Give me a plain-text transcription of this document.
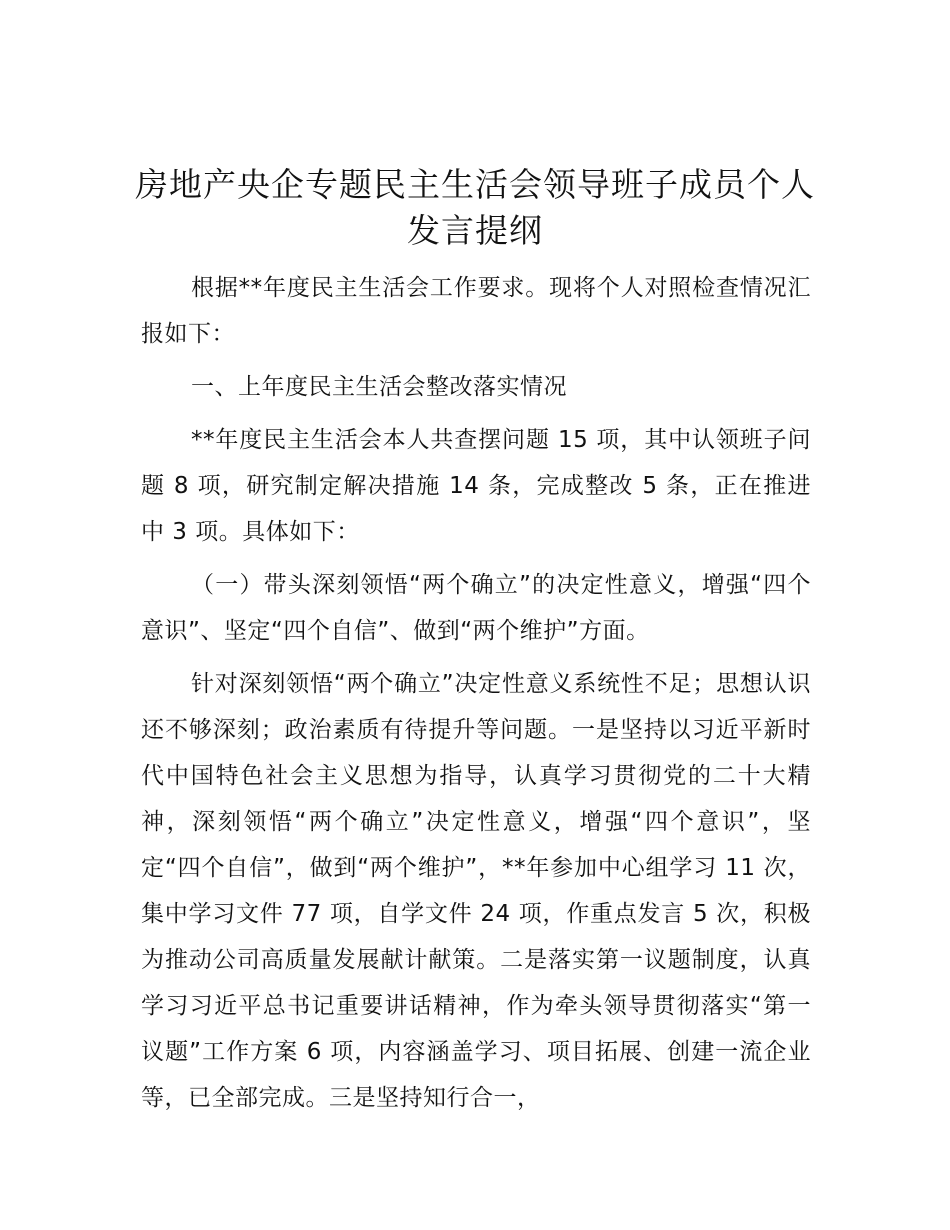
房地产央企专题民主生活会领导班子成员个人
发言提纲

根据**年度民主生活会工作要求。现将个人对照检查情况汇报如下：

一、上年度民主生活会整改落实情况

**年度民主生活会本人共查摆问题 15 项，其中认领班子问题 8 项，研究制定解决措施 14 条，完成整改 5 条，正在推进中 3 项。具体如下：

（一）带头深刻领悟“两个确立”的决定性意义，增强“四个意识”、坚定“四个自信”、做到“两个维护”方面。

针对深刻领悟“两个确立”决定性意义系统性不足；思想认识还不够深刻；政治素质有待提升等问题。一是坚持以习近平新时代中国特色社会主义思想为指导，认真学习贯彻党的二十大精神，深刻领悟“两个确立”决定性意义，增强“四个意识”，坚定“四个自信”，做到“两个维护”，**年参加中心组学习 11 次，集中学习文件 77 项，自学文件 24 项，作重点发言 5 次，积极为推动公司高质量发展献计献策。二是落实第一议题制度，认真学习习近平总书记重要讲话精神，作为牵头领导贯彻落实“第一议题”工作方案 6 项，内容涵盖学习、项目拓展、创建一流企业等，已全部完成。三是坚持知行合一，
